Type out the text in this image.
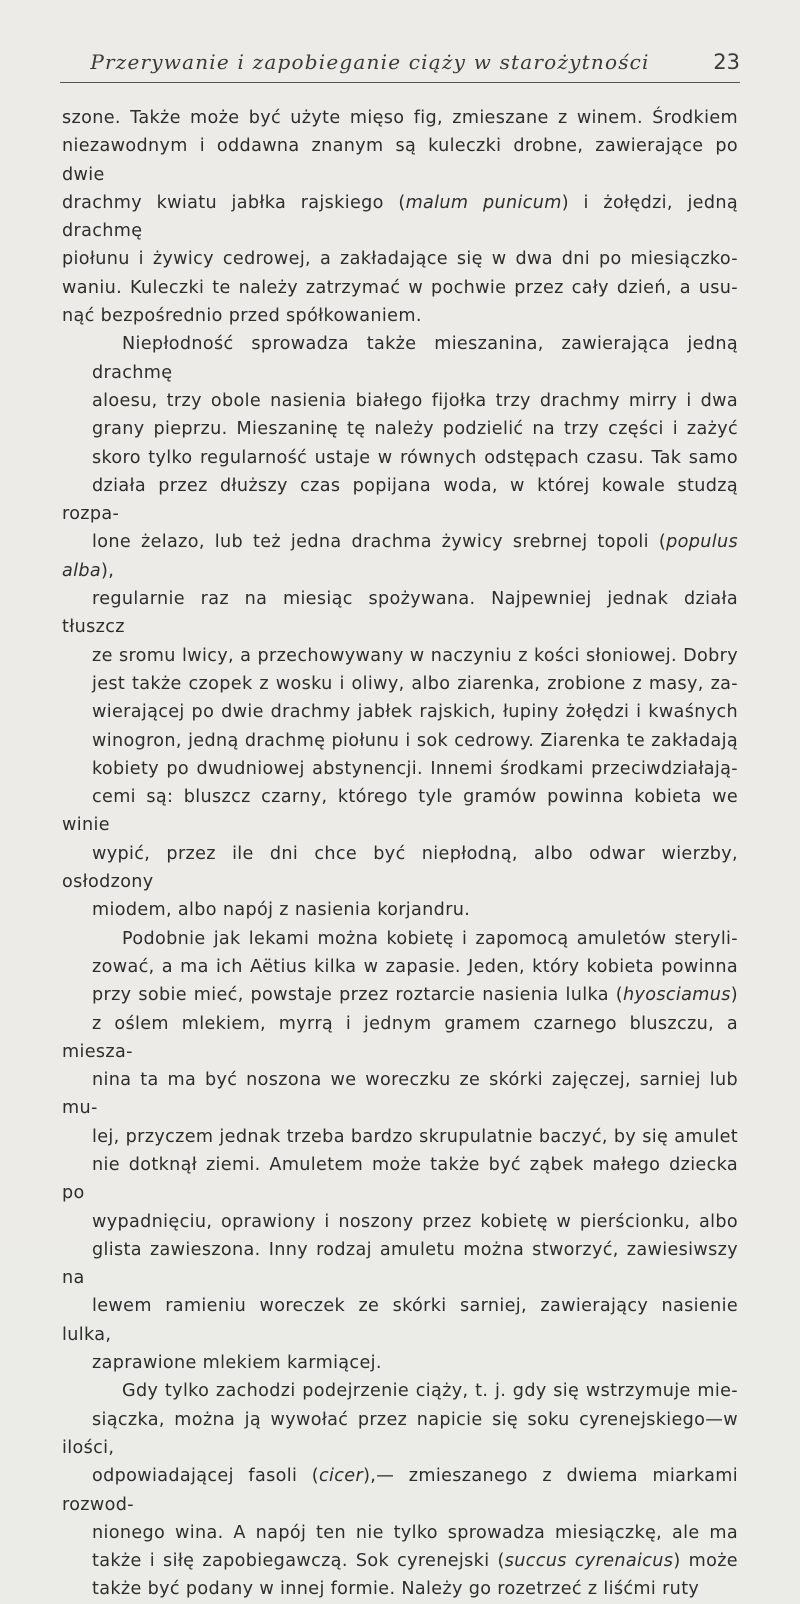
Przerywanie i zapobieganie ciąży w starożytności	23
szone. Także może być użyte mięso fig, zmieszane z winem. Środkiem
niezawodnym i oddawna znanym są kuleczki drobne, zawierające po dwie
drachmy kwiatu jabłka rajskiego (malum punicum) i żołędzi, jedną drachmę
piołunu i żywicy cedrowej, a zakładające się w dwa dni po miesiączko-
waniu. Kuleczki te należy zatrzymać w pochwie przez cały dzień, a usu-
nąć bezpośrednio przed spółkowaniem.
Niepłodność sprowadza także mieszanina, zawierająca jedną drachmę
aloesu, trzy obole nasienia białego fijołka trzy drachmy mirry i dwa
grany pieprzu. Mieszaninę tę należy podzielić na trzy części i zażyć
skoro tylko regularność ustaje w równych odstępach czasu. Tak samo
działa przez dłuższy czas popijana woda, w której kowale studzą rozpa-
lone żelazo, lub też jedna drachma żywicy srebrnej topoli (populus alba),
regularnie raz na miesiąc spożywana. Najpewniej jednak działa tłuszcz
ze sromu lwicy, a przechowywany w naczyniu z kości słoniowej. Dobry
jest także czopek z wosku i oliwy, albo ziarenka, zrobione z masy, za-
wierającej po dwie drachmy jabłek rajskich, łupiny żołędzi i kwaśnych
winogron, jedną drachmę piołunu i sok cedrowy. Ziarenka te zakładają
kobiety po dwudniowej abstynencji. Innemi środkami przeciwdziałają-
cemi są: bluszcz czarny, którego tyle gramów powinna kobieta we winie
wypić, przez ile dni chce być niepłodną, albo odwar wierzby, osłodzony
miodem, albo napój z nasienia korjandru.
Podobnie jak lekami można kobietę i zapomocą amuletów steryli-
zować, a ma ich Aëtius kilka w zapasie. Jeden, który kobieta powinna
przy sobie mieć, powstaje przez roztarcie nasienia lulka (hyosciamus)
z oślem mlekiem, myrrą i jednym gramem czarnego bluszczu, a miesza-
nina ta ma być noszona we woreczku ze skórki zajęczej, sarniej lub mu-
lej, przyczem jednak trzeba bardzo skrupulatnie baczyć, by się amulet
nie dotknął ziemi. Amuletem może także być ząbek małego dziecka po
wypadnięciu, oprawiony i noszony przez kobietę w pierścionku, albo
glista zawieszona. Inny rodzaj amuletu można stworzyć, zawiesiwszy na
lewem ramieniu woreczek ze skórki sarniej, zawierający nasienie lulka,
zaprawione mlekiem karmiącej.
Gdy tylko zachodzi podejrzenie ciąży, t. j. gdy się wstrzymuje mie-
siączka, można ją wywołać przez napicie się soku cyrenejskiego—w ilości,
odpowiadającej fasoli (cicer),— zmieszanego z dwiema miarkami rozwod-
nionego wina. A napój ten nie tylko sprowadza miesiączkę, ale ma
także i siłę zapobiegawczą. Sok cyrenejski (succus cyrenaicus) może
także być podany w innej formie. Należy go rozetrzeć z liśćmi ruty
